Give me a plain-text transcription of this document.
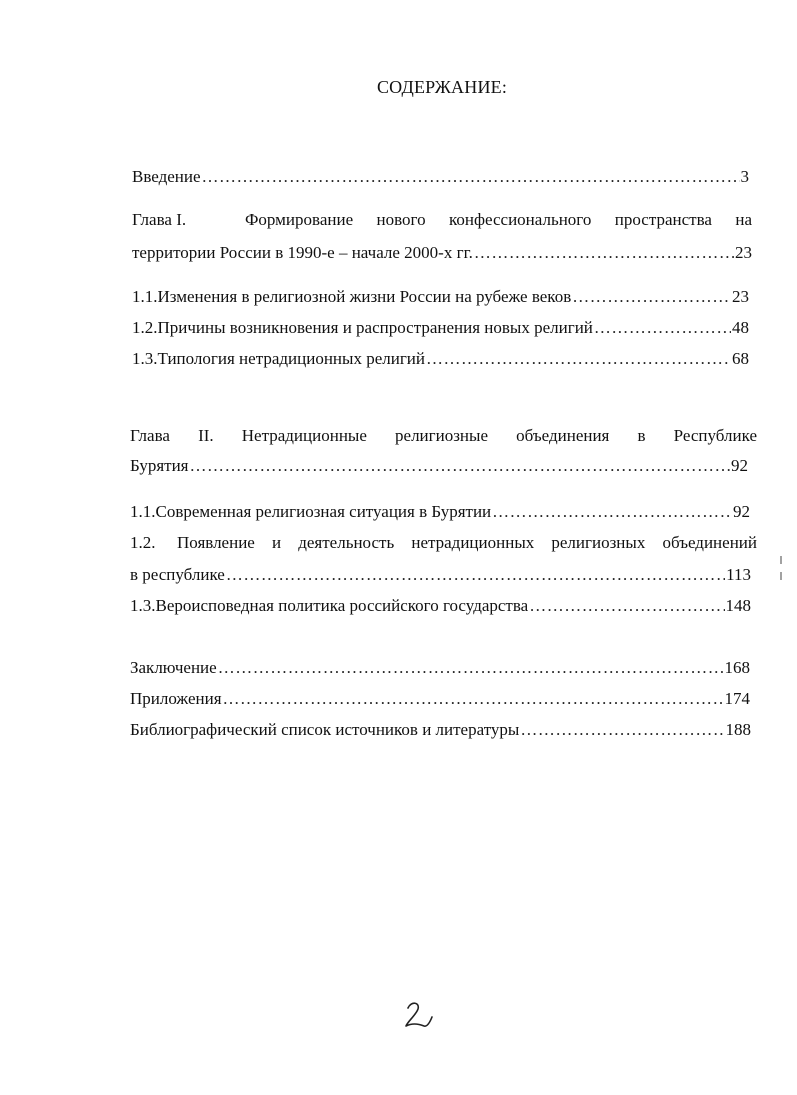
СОДЕРЖАНИЕ:
Введение ……………………………………………………………………………………………………………………………………………………………………………	3
Глава I.	Формирование нового конфессионального пространства на
территории России в 1990-е – начале 2000-х гг. ……………………………………………………………………………………………………………………………………………………………………………	23
1.1. Изменения в религиозной жизни России на рубеже веков ……………………………………………………………………………………………………………………………………………………………………………	23
1.2. Причины возникновения и распространения новых религий ……………………………………………………………………………………………………………………………………………………………………………	48
1.3. Типология нетрадиционных религий ……………………………………………………………………………………………………………………………………………………………………………	68
Глава II. Нетрадиционные религиозные объединения в Республике
Бурятия ……………………………………………………………………………………………………………………………………………………………………………	92
1.1. Современная религиозная ситуация в Бурятии ……………………………………………………………………………………………………………………………………………………………………………	92
1.2.	Появление и деятельность нетрадиционных религиозных объединений
в республике ……………………………………………………………………………………………………………………………………………………………………………	113
1.3. Вероисповедная политика российского государства ……………………………………………………………………………………………………………………………………………………………………………	148
Заключение ……………………………………………………………………………………………………………………………………………………………………………	168
Приложения ……………………………………………………………………………………………………………………………………………………………………………	174
Библиографический список источников и литературы ……………………………………………………………………………………………………………………………………………………………………………	188
